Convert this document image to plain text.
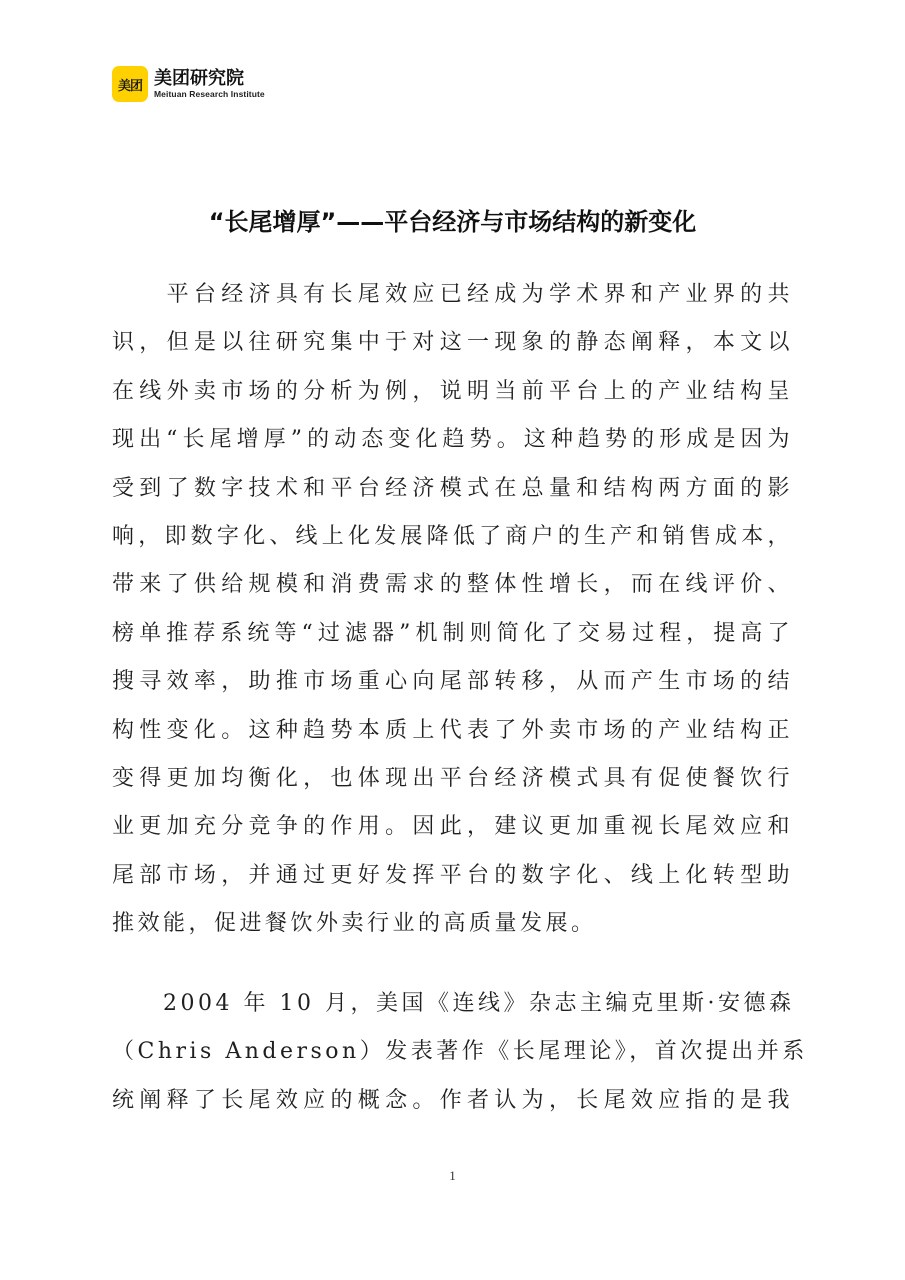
美团 美团研究院
Meituan Research Institute
“长尾增厚”——平台经济与市场结构的新变化
　　平台经济具有长尾效应已经成为学术界和产业界的共
识，但是以往研究集中于对这一现象的静态阐释，本文以
在线外卖市场的分析为例，说明当前平台上的产业结构呈
现出“长尾增厚”的动态变化趋势。这种趋势的形成是因为
受到了数字技术和平台经济模式在总量和结构两方面的影
响，即数字化、线上化发展降低了商户的生产和销售成本，
带来了供给规模和消费需求的整体性增长，而在线评价、
榜单推荐系统等“过滤器”机制则简化了交易过程，提高了
搜寻效率，助推市场重心向尾部转移，从而产生市场的结
构性变化。这种趋势本质上代表了外卖市场的产业结构正
变得更加均衡化，也体现出平台经济模式具有促使餐饮行
业更加充分竞争的作用。因此，建议更加重视长尾效应和
尾部市场，并通过更好发挥平台的数字化、线上化转型助
推效能，促进餐饮外卖行业的高质量发展。
　　2004 年 10 月，美国《连线》杂志主编克里斯·安德森
（Chris Anderson）发表著作《长尾理论》，首次提出并系
统阐释了长尾效应的概念。作者认为，长尾效应指的是我
1
